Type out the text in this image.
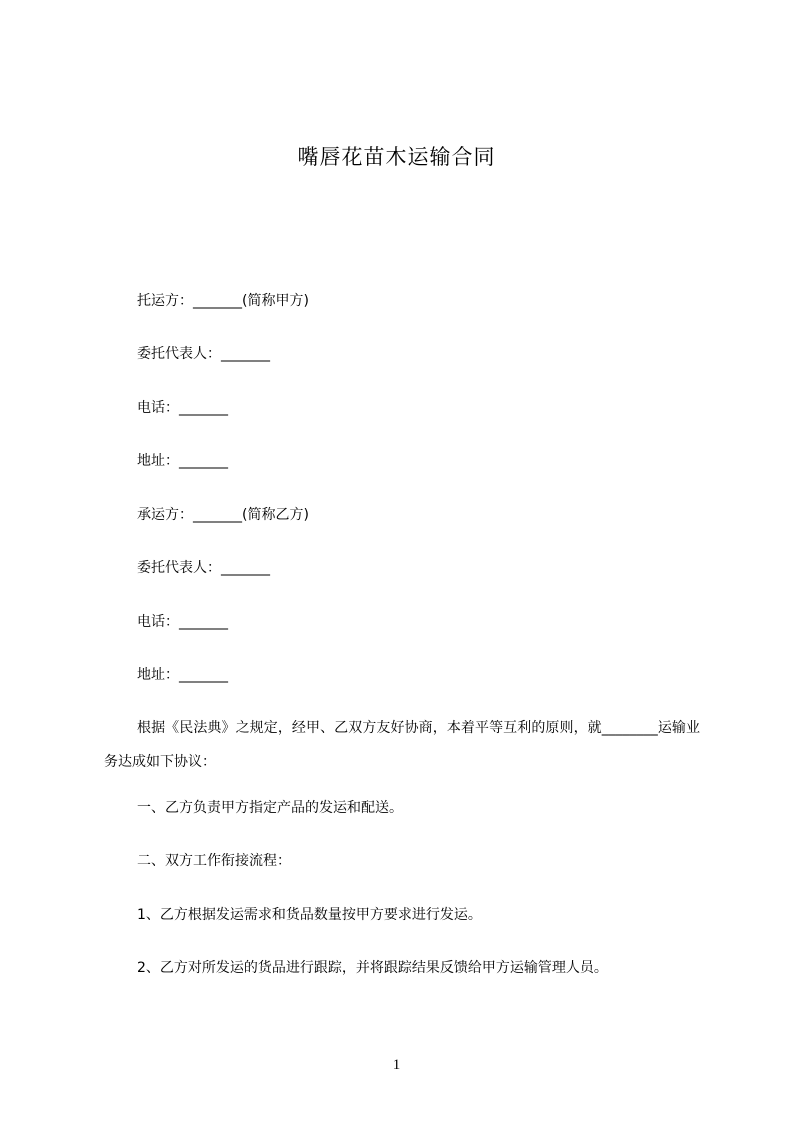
嘴唇花苗木运输合同
托运方：_______(简称甲方)
委托代表人：_______
电话：_______
地址：_______
承运方：_______(简称乙方)
委托代表人：_______
电话：_______
地址：_______
根据《民法典》之规定，经甲、乙双方友好协商，本着平等互利的原则，就________运输业务达成如下协议：
一、乙方负责甲方指定产品的发运和配送。
二、双方工作衔接流程：
1、乙方根据发运需求和货品数量按甲方要求进行发运。
2、乙方对所发运的货品进行跟踪，并将跟踪结果反馈给甲方运输管理人员。
1
